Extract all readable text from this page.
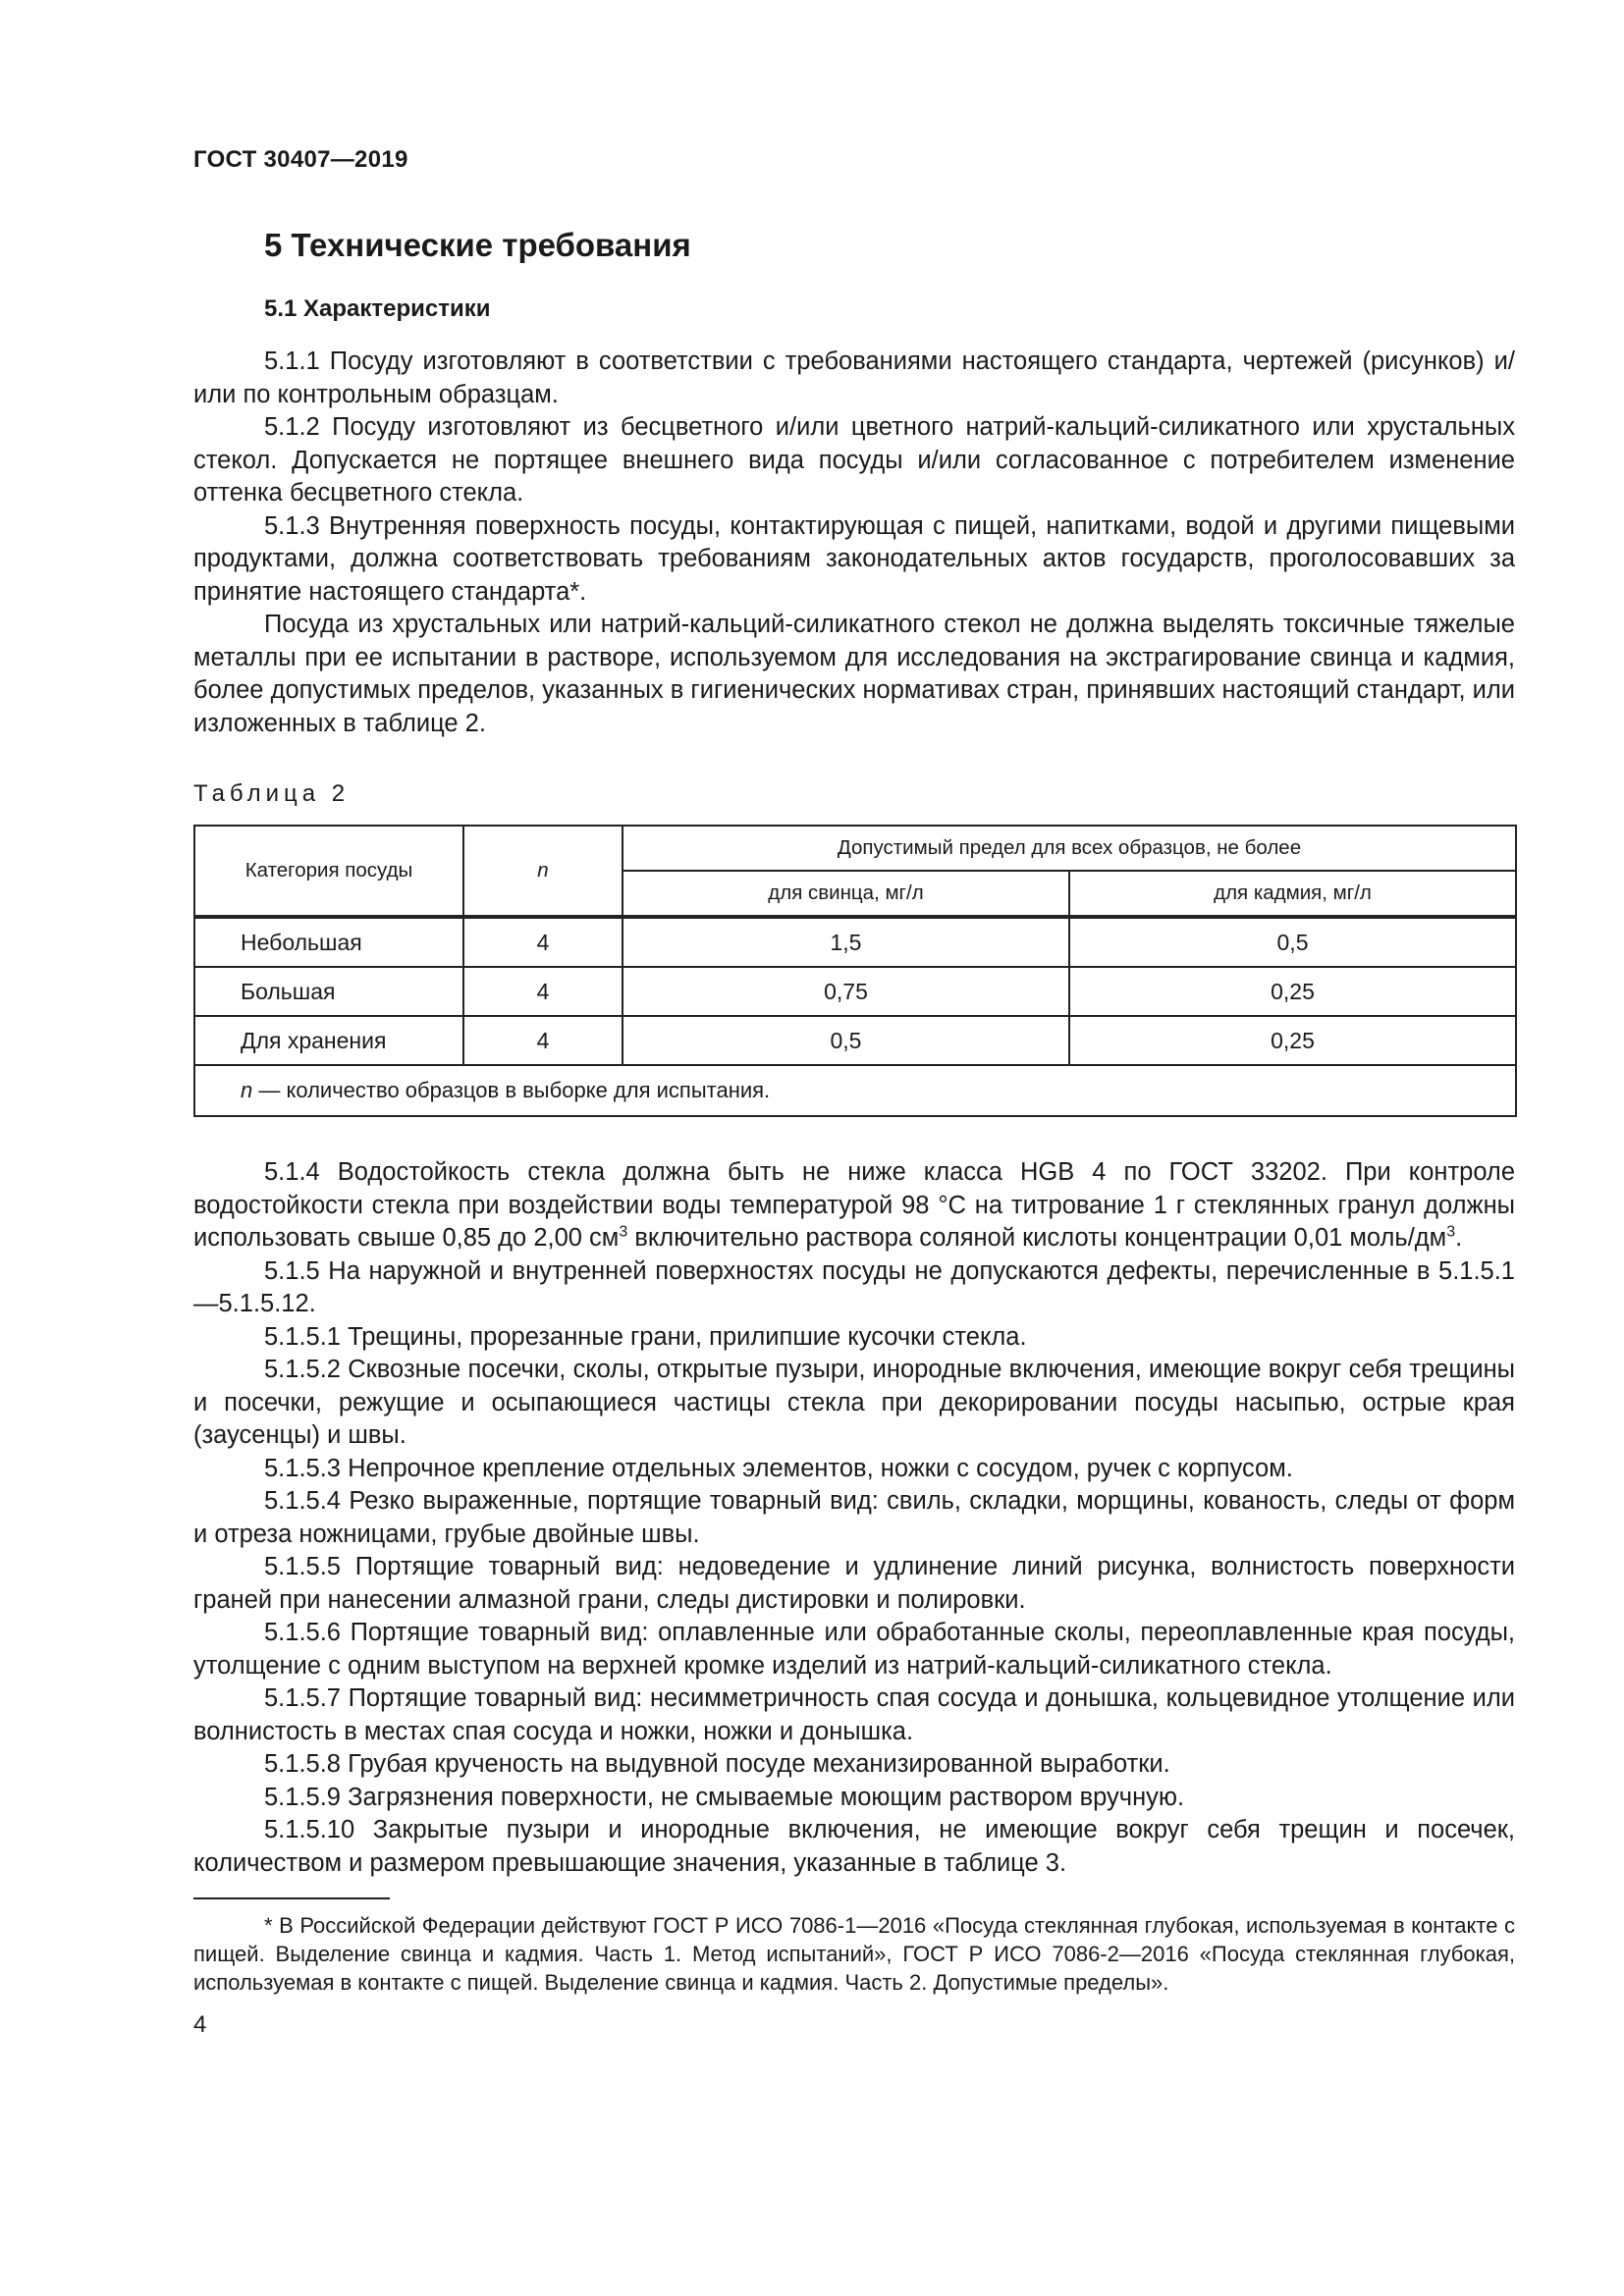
ГОСТ 30407—2019
5 Технические требования
5.1 Характеристики

5.1.1 Посуду изготовляют в соответствии с требованиями настоящего стандарта, чертежей (рисунков) и/или по контрольным образцам.

5.1.2 Посуду изготовляют из бесцветного и/или цветного натрий-кальций-силикатного или хрустальных стекол. Допускается не портящее внешнего вида посуды и/или согласованное с потребителем изменение оттенка бесцветного стекла.

5.1.3 Внутренняя поверхность посуды, контактирующая с пищей, напитками, водой и другими пищевыми продуктами, должна соответствовать требованиям законодательных актов государств, проголосовавших за принятие настоящего стандарта*.

Посуда из хрустальных или натрий-кальций-силикатного стекол не должна выделять токсичные тяжелые металлы при ее испытании в растворе, используемом для исследования на экстрагирование свинца и кадмия, более допустимых пределов, указанных в гигиенических нормативах стран, принявших настоящий стандарт, или изложенных в таблице 2.

Таблица 2
Категория посуды	n	Допустимый предел для всех образцов, не более	
		для свинца, мг/л	для кадмия, мг/л
Небольшая	4	1,5	0,5
Большая	4	0,75	0,25
Для хранения	4	0,5	0,25
n — количество образцов в выборке для испытания.			

5.1.4 Водостойкость стекла должна быть не ниже класса HGB 4 по ГОСТ 33202. При контроле водостойкости стекла при воздействии воды температурой 98 °С на титрование 1 г стеклянных гранул должны использовать свыше 0,85 до 2,00 $см^3$ включительно раствора соляной кислоты концентрации 0,01 моль/$дм^3$.

5.1.5 На наружной и внутренней поверхностях посуды не допускаются дефекты, перечисленные в 5.1.5.1—5.1.5.12.

5.1.5.1 Трещины, прорезанные грани, прилипшие кусочки стекла.

5.1.5.2 Сквозные посечки, сколы, открытые пузыри, инородные включения, имеющие вокруг себя трещины и посечки, режущие и осыпающиеся частицы стекла при декорировании посуды насыпью, острые края (заусенцы) и швы.

5.1.5.3 Непрочное крепление отдельных элементов, ножки с сосудом, ручек с корпусом.

5.1.5.4 Резко выраженные, портящие товарный вид: свиль, складки, морщины, кованость, следы от форм и отреза ножницами, грубые двойные швы.

5.1.5.5 Портящие товарный вид: недоведение и удлинение линий рисунка, волнистость поверхности граней при нанесении алмазной грани, следы дистировки и полировки.

5.1.5.6 Портящие товарный вид: оплавленные или обработанные сколы, переоплавленные края посуды, утолщение с одним выступом на верхней кромке изделий из натрий-кальций-силикатного стекла.

5.1.5.7 Портящие товарный вид: несимметричность спая сосуда и донышка, кольцевидное утолщение или волнистость в местах спая сосуда и ножки, ножки и донышка.

5.1.5.8 Грубая крученость на выдувной посуде механизированной выработки.

5.1.5.9 Загрязнения поверхности, не смываемые моющим раствором вручную.

5.1.5.10 Закрытые пузыри и инородные включения, не имеющие вокруг себя трещин и посечек, количеством и размером превышающие значения, указанные в таблице 3.

* В Российской Федерации действуют ГОСТ Р ИСО 7086-1—2016 «Посуда стеклянная глубокая, используемая в контакте с пищей. Выделение свинца и кадмия. Часть 1. Метод испытаний», ГОСТ Р ИСО 7086-2—2016 «Посуда стеклянная глубокая, используемая в контакте с пищей. Выделение свинца и кадмия. Часть 2. Допустимые пределы».

4
